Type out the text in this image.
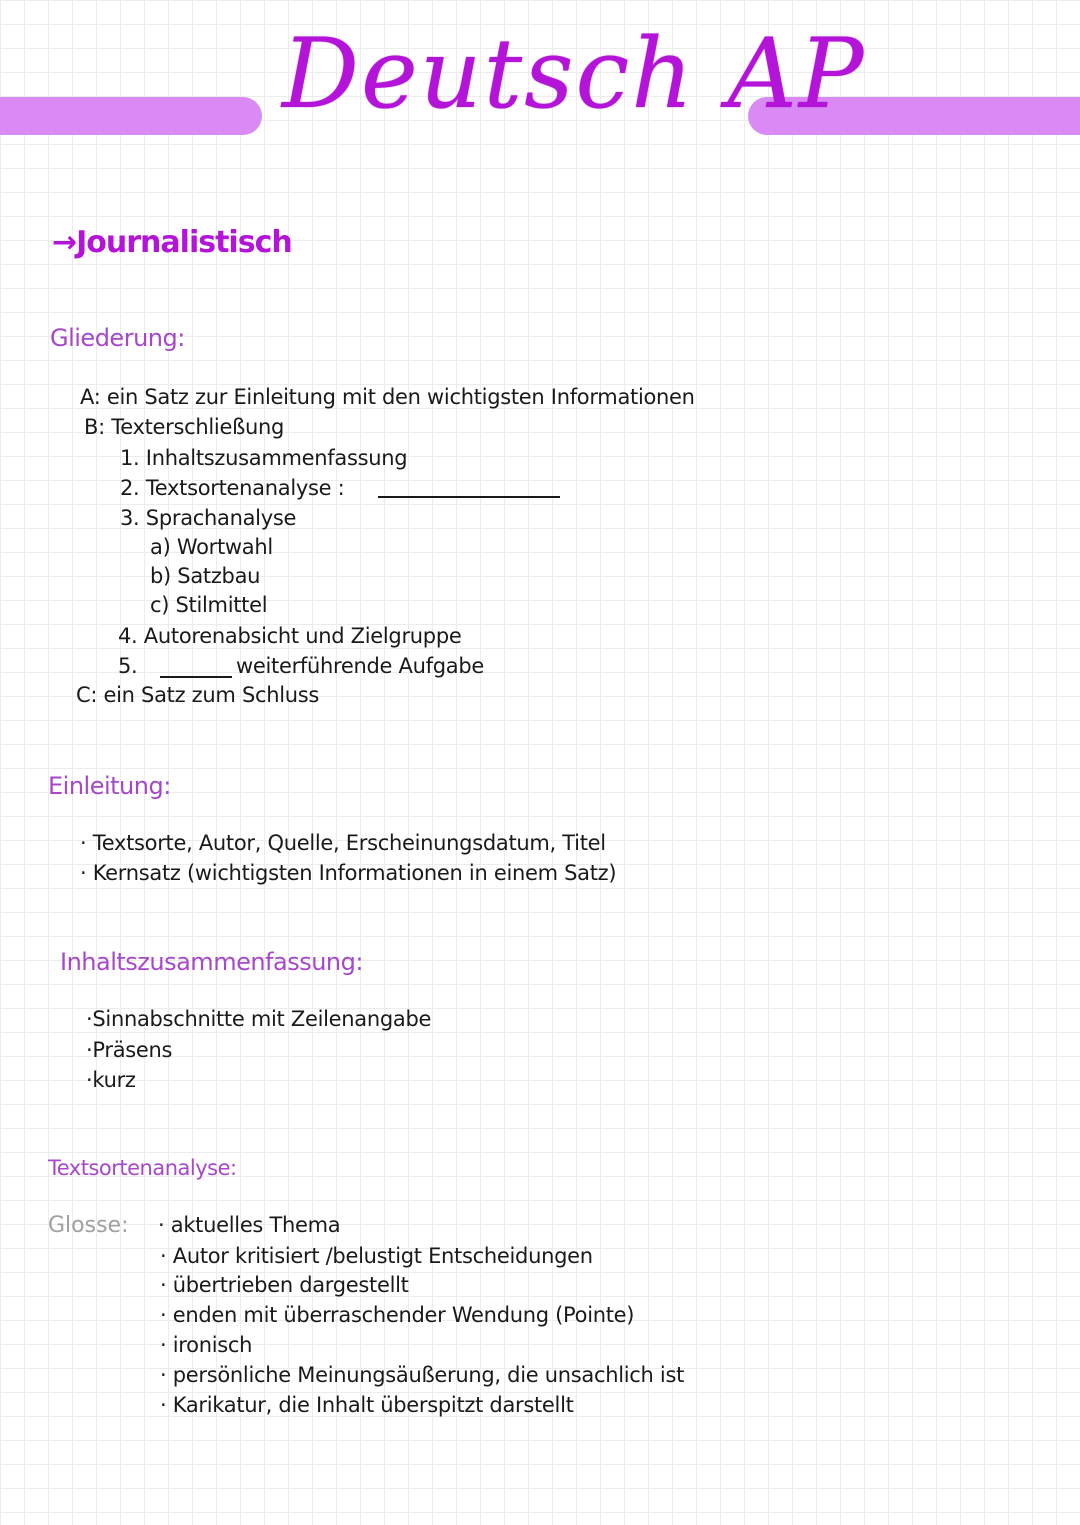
Deutsch AP
→Journalistisch
Gliederung:
A: ein Satz zur Einleitung mit den wichtigsten Informationen
B: Texterschließung
1. Inhaltszusammenfassung
2. Textsortenanalyse :
3. Sprachanalyse
a) Wortwahl
b) Satzbau
c) Stilmittel
4. Autorenabsicht und Zielgruppe
5.	weiterführende Aufgabe
C: ein Satz zum Schluss
Einleitung:
· Textsorte, Autor, Quelle, Erscheinungsdatum, Titel
· Kernsatz (wichtigsten Informationen in einem Satz)
Inhaltszusammenfassung:
·Sinnabschnitte mit Zeilenangabe
·Präsens
·kurz
Textsortenanalyse:
Glosse: · aktuelles Thema
· Autor kritisiert /belustigt Entscheidungen
· übertrieben dargestellt
· enden mit überraschender Wendung (Pointe)
· ironisch
· persönliche Meinungsäußerung, die unsachlich ist
· Karikatur, die Inhalt überspitzt darstellt
